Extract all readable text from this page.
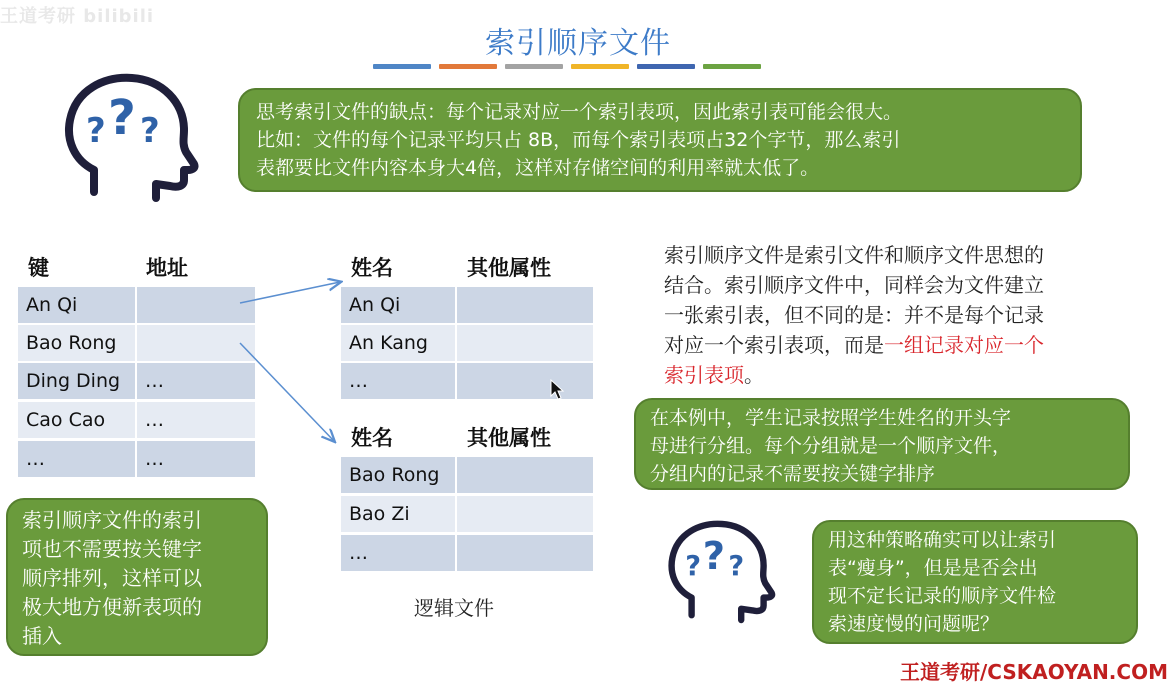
王道考研 bilibili
索引顺序文件
? ? ?	思考索引文件的缺点：每个记录对应一个索引表项，因此索引表可能会很大。
比如：文件的每个记录平均只占 8B，而每个索引表项占32个字节，那么索引
表都要比文件内容本身大4倍，这样对存储空间的利用率就太低了。
键	地址
An Qi
Bao Rong
Ding Ding	…
Cao Cao	…
…	…
姓名	其他属性
An Qi
An Kang
…
姓名	其他属性
Bao Rong
Bao Zi
…
逻辑文件
索引顺序文件是索引文件和顺序文件思想的
结合。索引顺序文件中，同样会为文件建立
一张索引表，但不同的是：并不是每个记录
对应一个索引表项，而是一组记录对应一个
索引表项。
在本例中，学生记录按照学生姓名的开头字
母进行分组。每个分组就是一个顺序文件，
分组内的记录不需要按关键字排序
索引顺序文件的索引
项也不需要按关键字
顺序排列，这样可以
极大地方便新表项的
插入
? ? ?
用这种策略确实可以让索引
表“瘦身”，但是是否会出
现不定长记录的顺序文件检
索速度慢的问题呢？
王道考研/CSKAOYAN.COM
